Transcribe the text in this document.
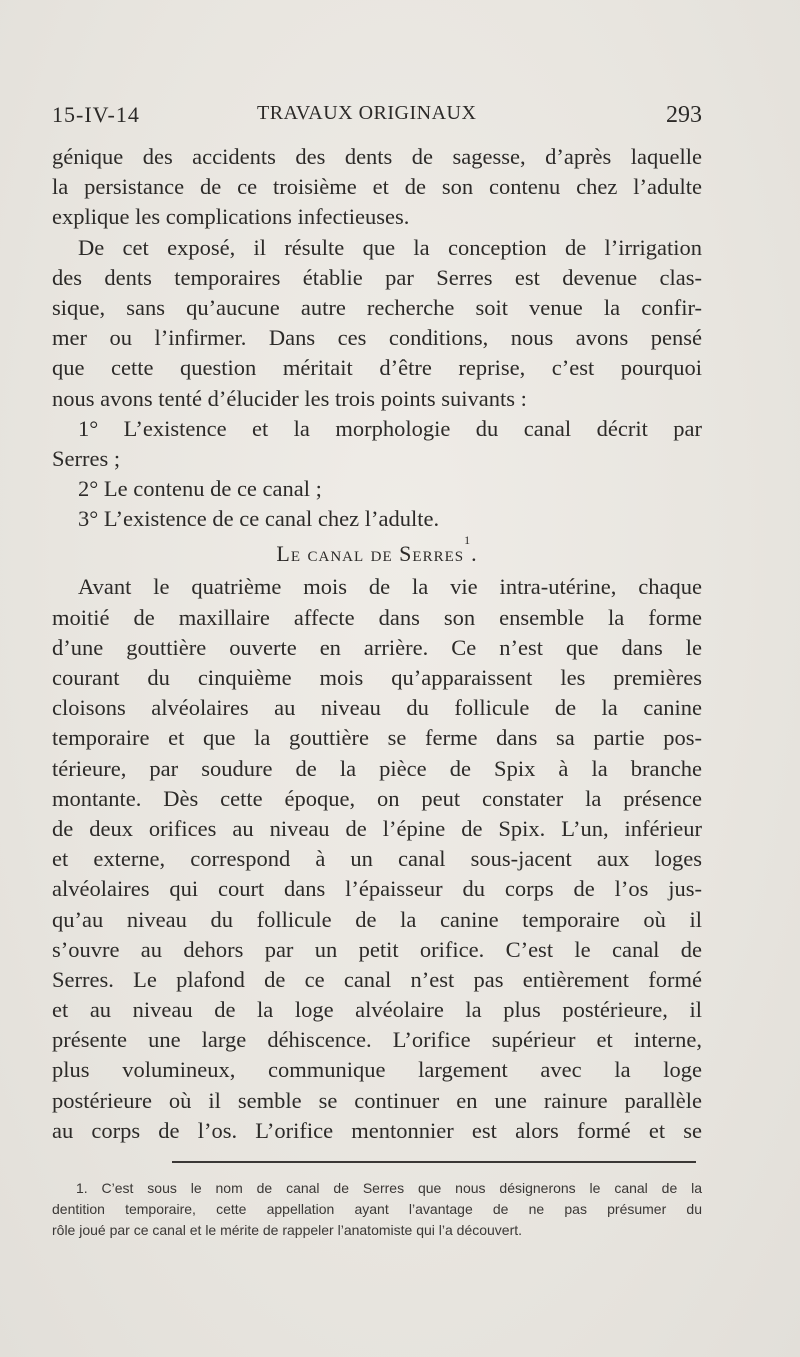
15-IV-14	TRAVAUX ORIGINAUX	293
génique des accidents des dents de sagesse, d’après laquelle
la persistance de ce troisième et de son contenu chez l’adulte
explique les complications infectieuses.
De cet exposé, il résulte que la conception de l’irrigation
des dents temporaires établie par Serres est devenue clas-
sique, sans qu’aucune autre recherche soit venue la confir-
mer ou l’infirmer. Dans ces conditions, nous avons pensé
que cette question méritait d’être reprise, c’est pourquoi
nous avons tenté d’élucider les trois points suivants :
1° L’existence et la morphologie du canal décrit par
Serres ;
2° Le contenu de ce canal ;
3° L’existence de ce canal chez l’adulte.
Le canal de Serres$^1$.
Avant le quatrième mois de la vie intra-utérine, chaque
moitié de maxillaire affecte dans son ensemble la forme
d’une gouttière ouverte en arrière. Ce n’est que dans le
courant du cinquième mois qu’apparaissent les premières
cloisons alvéolaires au niveau du follicule de la canine
temporaire et que la gouttière se ferme dans sa partie pos-
térieure, par soudure de la pièce de Spix à la branche
montante. Dès cette époque, on peut constater la présence
de deux orifices au niveau de l’épine de Spix. L’un, inférieur
et externe, correspond à un canal sous-jacent aux loges
alvéolaires qui court dans l’épaisseur du corps de l’os jus-
qu’au niveau du follicule de la canine temporaire où il
s’ouvre au dehors par un petit orifice. C’est le canal de
Serres. Le plafond de ce canal n’est pas entièrement formé
et au niveau de la loge alvéolaire la plus postérieure, il
présente une large déhiscence. L’orifice supérieur et interne,
plus volumineux, communique largement avec la loge
postérieure où il semble se continuer en une rainure parallèle
au corps de l’os. L’orifice mentonnier est alors formé et se
1. C’est sous le nom de canal de Serres que nous désignerons le canal de la
dentition temporaire, cette appellation ayant l’avantage de ne pas présumer du
rôle joué par ce canal et le mérite de rappeler l’anatomiste qui l’a découvert.
